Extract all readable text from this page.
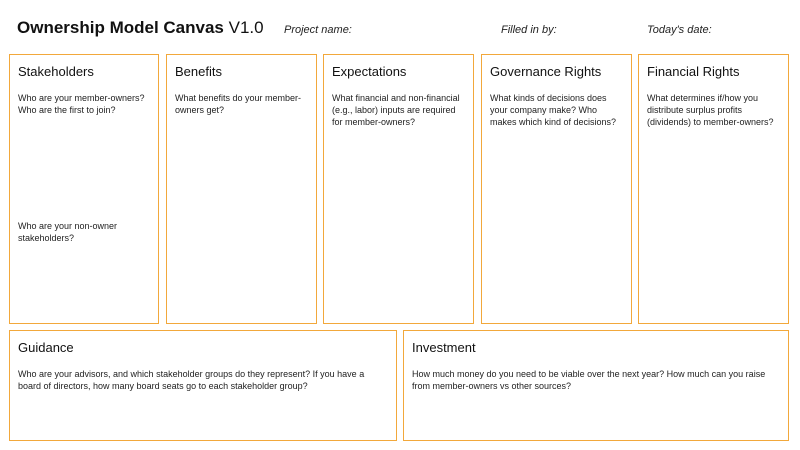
Ownership Model Canvas V1.0 Project name:	Filled in by:	Today's date:
Stakeholders
Who are your member-owners? Who are the first to join?
Who are your non-owner stakeholders?
Benefits
What benefits do your member-owners get?
Expectations
What financial and non-financial (e.g., labor) inputs are required for member-owners?
Governance Rights
What kinds of decisions does your company make? Who makes which kind of decisions?
Financial Rights
What determines if/how you distribute surplus profits (dividends) to member-owners?
Guidance
Who are your advisors, and which stakeholder groups do they represent? If you have a board of directors, how many board seats go to each stakeholder group?
Investment
How much money do you need to be viable over the next year? How much can you raise from member-owners vs other sources?
